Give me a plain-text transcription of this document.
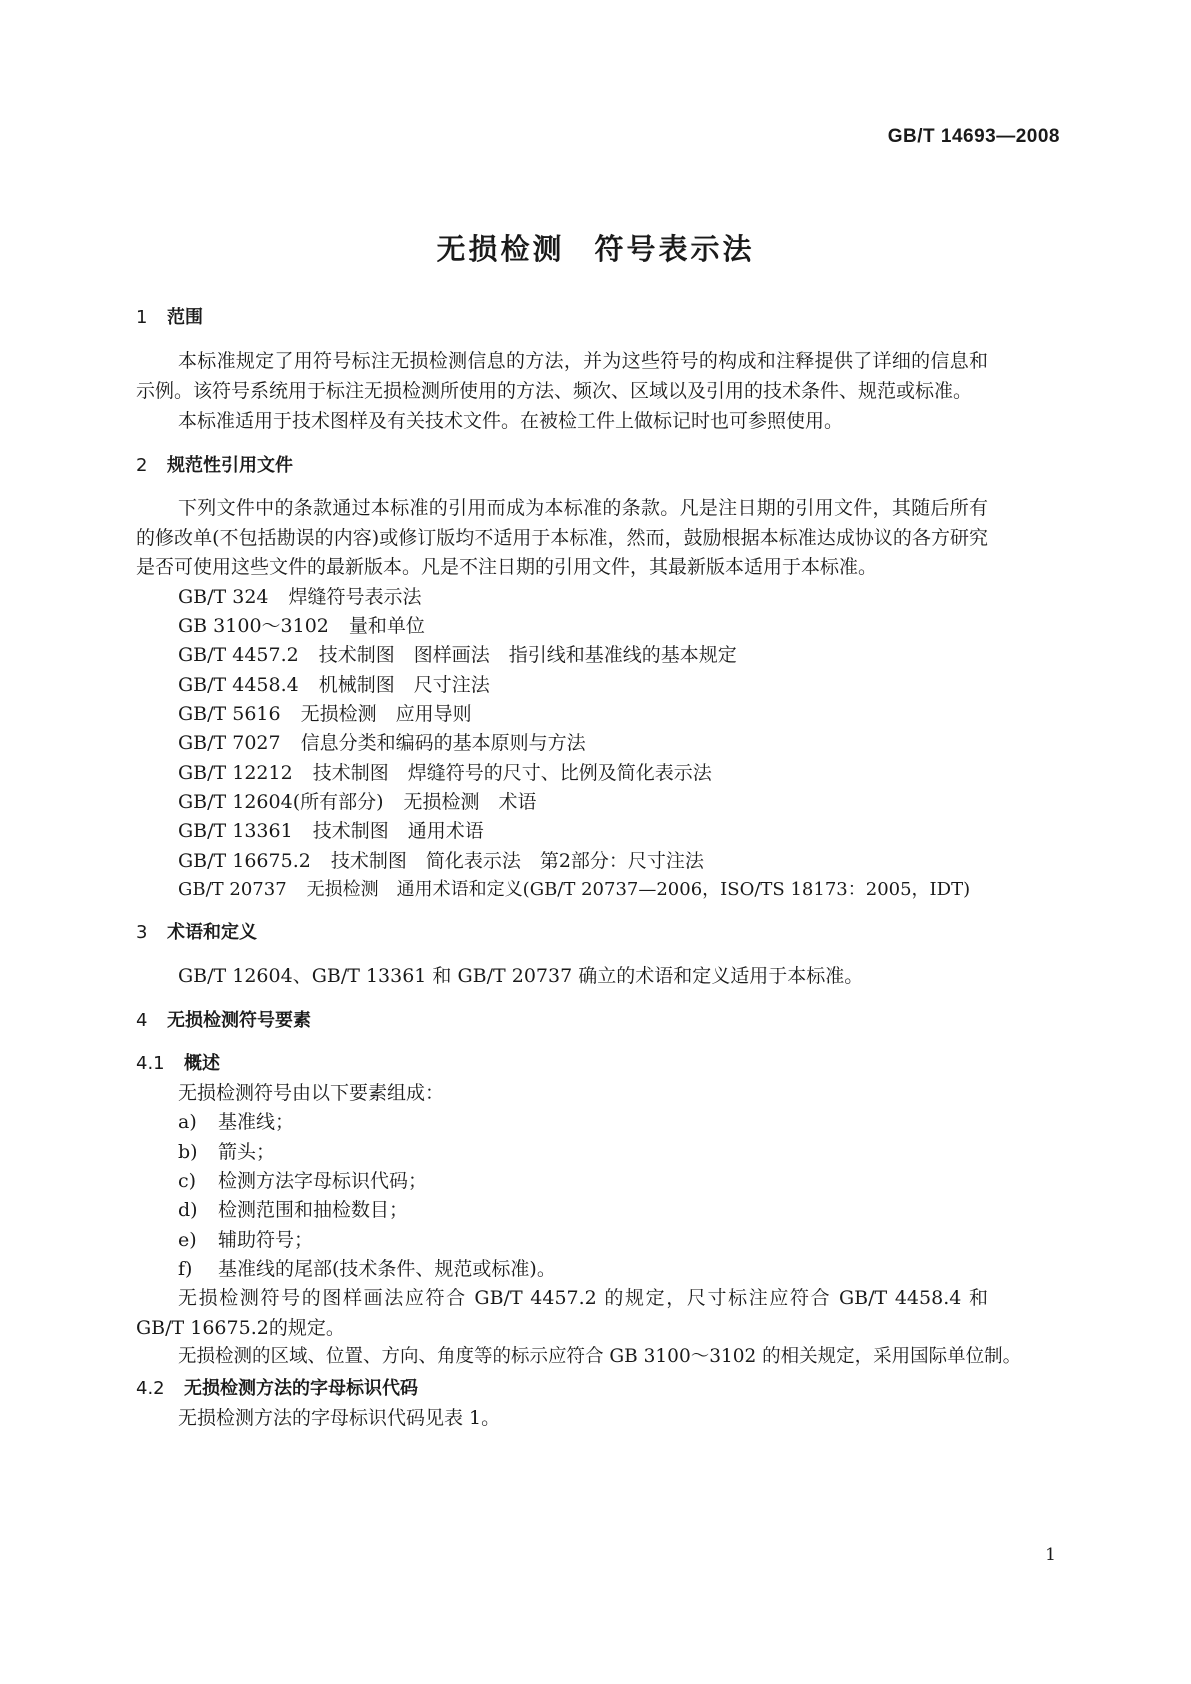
GB/T 14693—2008
无损检测 符号表示法
1 范围
本标准规定了用符号标注无损检测信息的方法，并为这些符号的构成和注释提供了详细的信息和
示例。该符号系统用于标注无损检测所使用的方法、频次、区域以及引用的技术条件、规范或标准。
本标准适用于技术图样及有关技术文件。在被检工件上做标记时也可参照使用。
2 规范性引用文件
下列文件中的条款通过本标准的引用而成为本标准的条款。凡是注日期的引用文件，其随后所有
的修改单(不包括勘误的内容)或修订版均不适用于本标准，然而，鼓励根据本标准达成协议的各方研究
是否可使用这些文件的最新版本。凡是不注日期的引用文件，其最新版本适用于本标准。
GB/T 324 焊缝符号表示法
GB 3100～3102 量和单位
GB/T 4457.2 技术制图　图样画法　指引线和基准线的基本规定
GB/T 4458.4 机械制图　尺寸注法
GB/T 5616 无损检测　应用导则
GB/T 7027 信息分类和编码的基本原则与方法
GB/T 12212 技术制图　焊缝符号的尺寸、比例及简化表示法
GB/T 12604(所有部分) 无损检测　术语
GB/T 13361 技术制图　通用术语
GB/T 16675.2 技术制图　简化表示法　第2部分：尺寸注法
GB/T 20737 无损检测　通用术语和定义(GB/T 20737—2006，ISO/TS 18173：2005，IDT)
3 术语和定义
GB/T 12604、GB/T 13361 和 GB/T 20737 确立的术语和定义适用于本标准。
4 无损检测符号要素
4.1 概述
无损检测符号由以下要素组成：
a) 基准线；
b) 箭头；
c) 检测方法字母标识代码；
d) 检测范围和抽检数目；
e) 辅助符号；
f) 基准线的尾部(技术条件、规范或标准)。
无损检测符号的图样画法应符合 GB/T 4457.2 的规定，尺寸标注应符合 GB/T 4458.4 和
GB/T 16675.2的规定。
无损检测的区域、位置、方向、角度等的标示应符合 GB 3100～3102 的相关规定，采用国际单位制。
4.2 无损检测方法的字母标识代码
无损检测方法的字母标识代码见表 1。
1
